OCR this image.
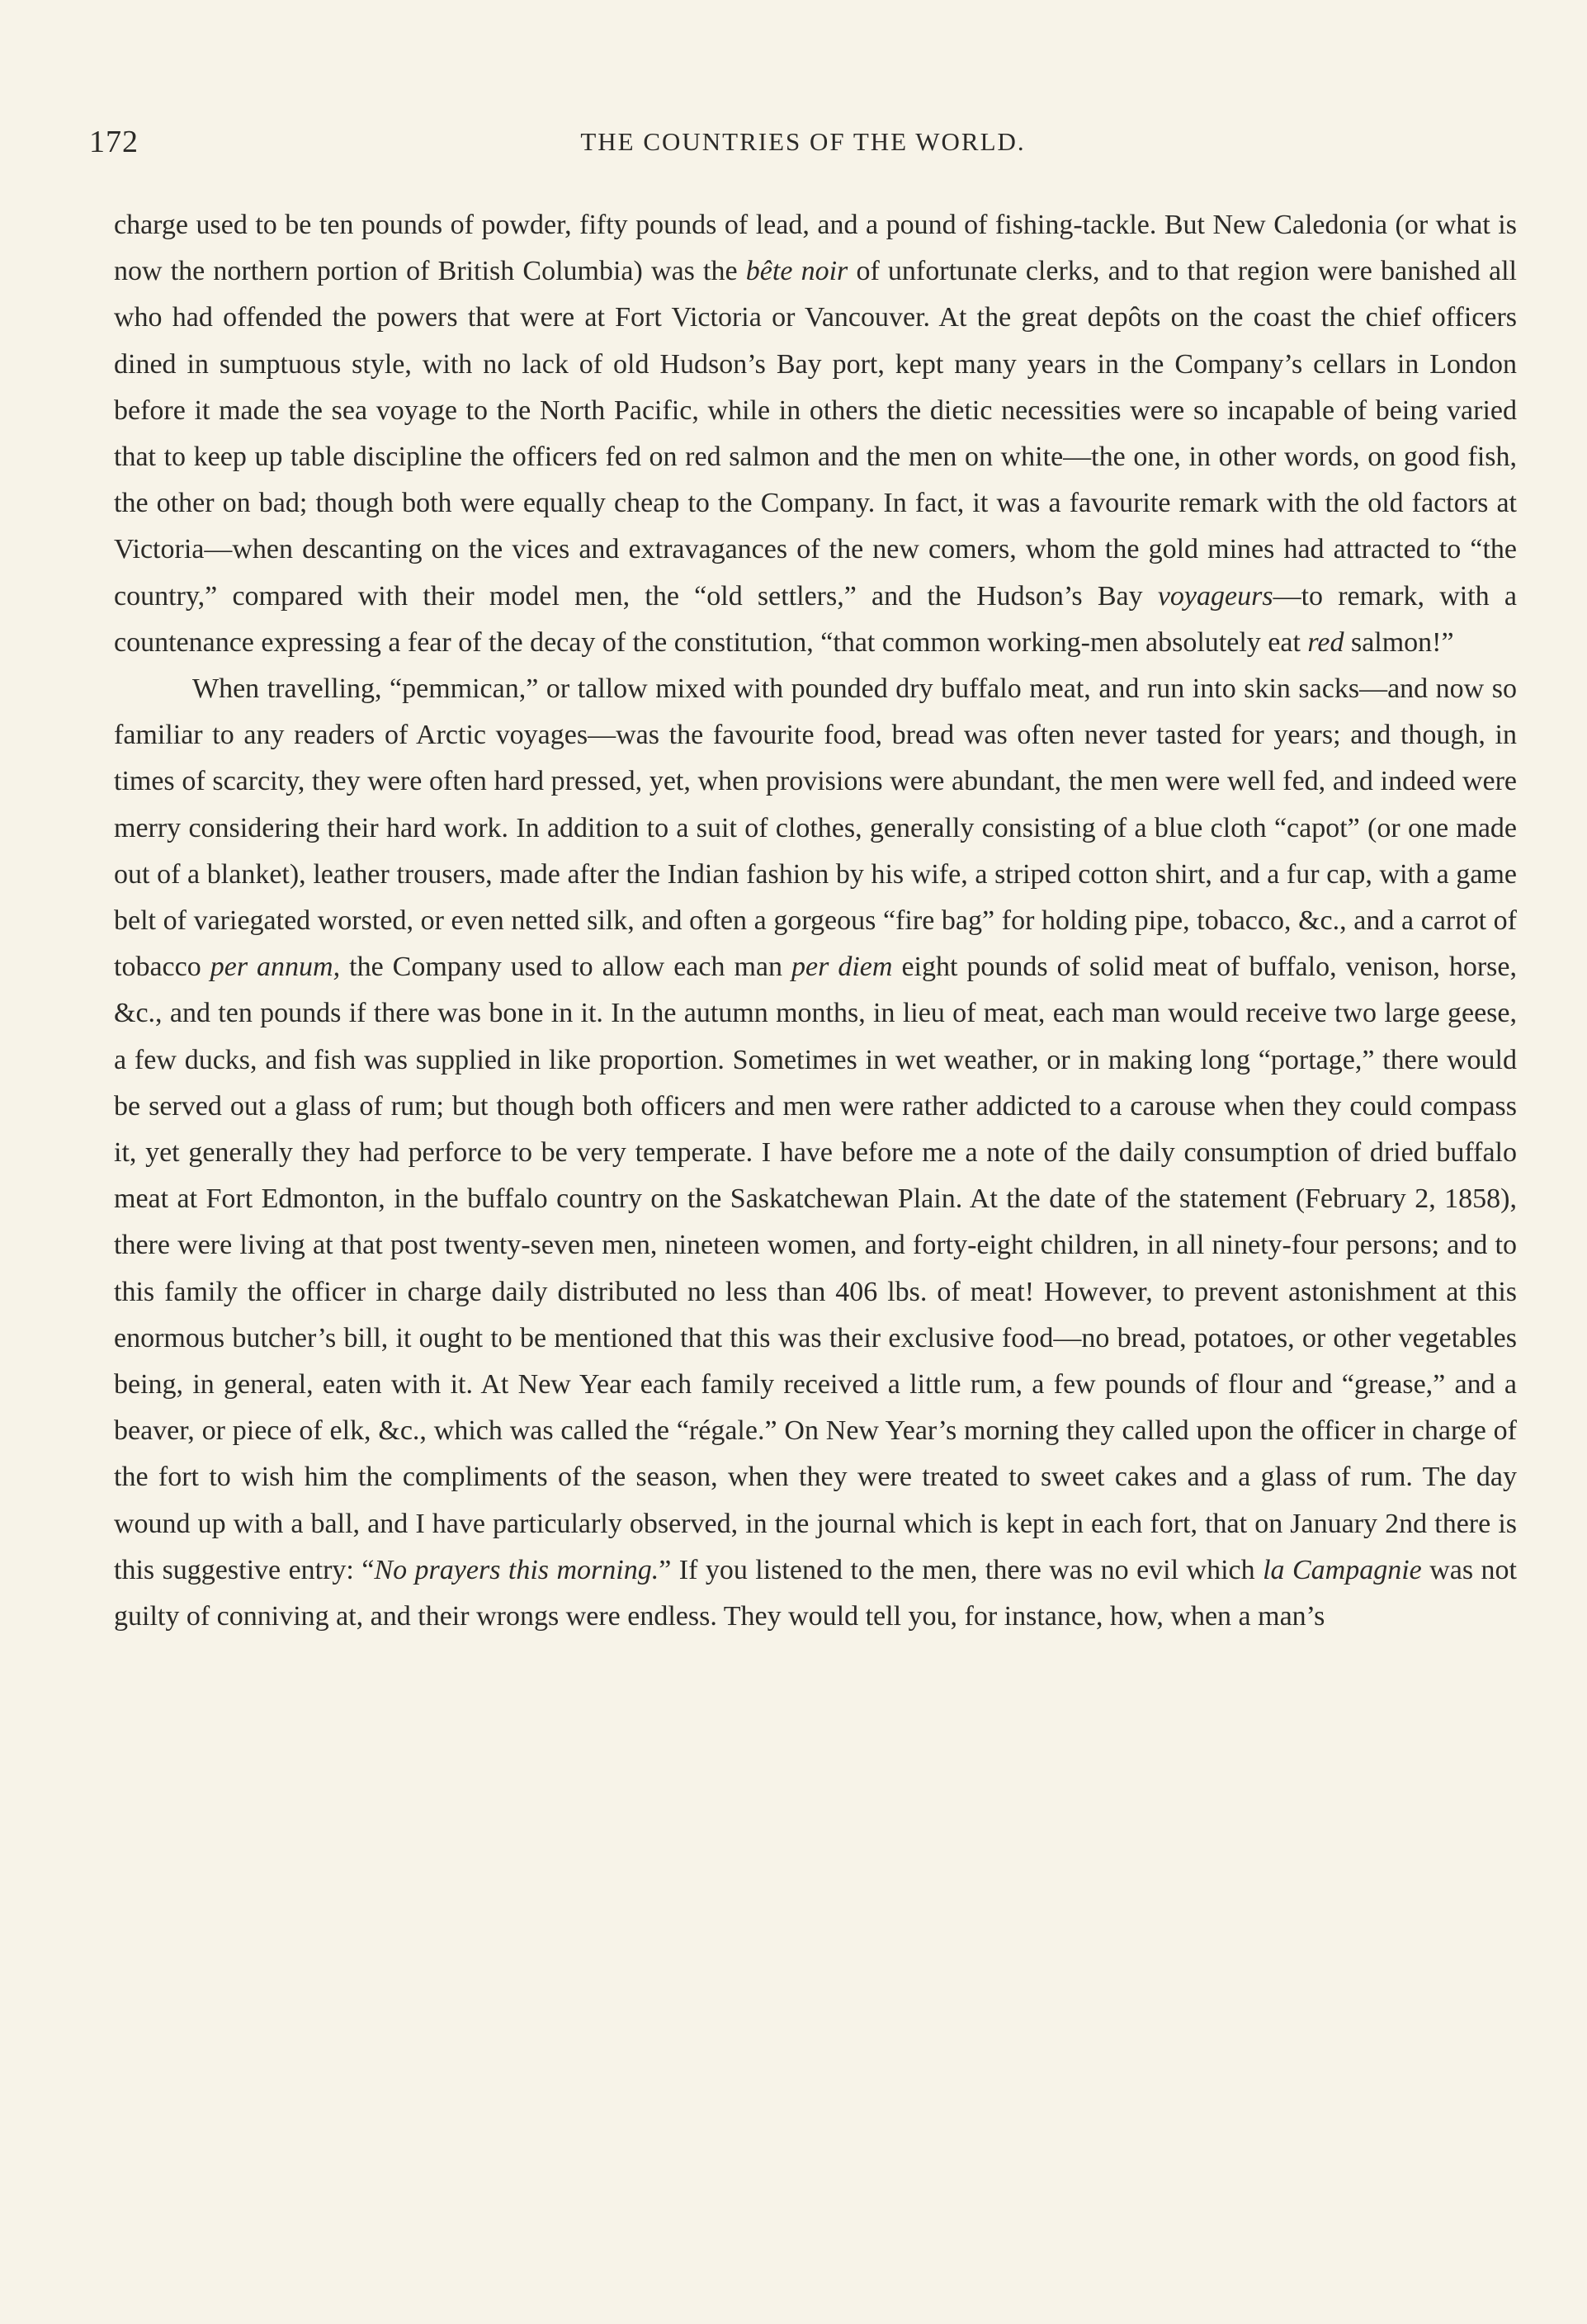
172	THE COUNTRIES OF THE WORLD.

charge used to be ten pounds of powder, fifty pounds of lead, and a pound of fishing-tackle. But New Caledonia (or what is now the northern portion of British Columbia) was the bête noir of unfortunate clerks, and to that region were banished all who had offended the powers that were at Fort Victoria or Vancouver. At the great depôts on the coast the chief officers dined in sumptuous style, with no lack of old Hudson’s Bay port, kept many years in the Company’s cellars in London before it made the sea voyage to the North Pacific, while in others the dietic necessities were so incapable of being varied that to keep up table discipline the officers fed on red salmon and the men on white—the one, in other words, on good fish, the other on bad; though both were equally cheap to the Company. In fact, it was a favourite remark with the old factors at Victoria—when descanting on the vices and extravagances of the new comers, whom the gold mines had attracted to “the country,” compared with their model men, the “old settlers,” and the Hudson’s Bay voyageurs—to remark, with a countenance expressing a fear of the decay of the constitution, “that common working-men absolutely eat red salmon!”

When travelling, “pemmican,” or tallow mixed with pounded dry buffalo meat, and run into skin sacks—and now so familiar to any readers of Arctic voyages—was the favourite food, bread was often never tasted for years; and though, in times of scarcity, they were often hard pressed, yet, when provisions were abundant, the men were well fed, and indeed were merry considering their hard work. In addition to a suit of clothes, generally consisting of a blue cloth “capot” (or one made out of a blanket), leather trousers, made after the Indian fashion by his wife, a striped cotton shirt, and a fur cap, with a game belt of variegated worsted, or even netted silk, and often a gorgeous “fire bag” for holding pipe, tobacco, &c., and a carrot of tobacco per annum, the Company used to allow each man per diem eight pounds of solid meat of buffalo, venison, horse, &c., and ten pounds if there was bone in it. In the autumn months, in lieu of meat, each man would receive two large geese, a few ducks, and fish was supplied in like proportion. Sometimes in wet weather, or in making long “portage,” there would be served out a glass of rum; but though both officers and men were rather addicted to a carouse when they could compass it, yet generally they had perforce to be very temperate. I have before me a note of the daily consumption of dried buffalo meat at Fort Edmonton, in the buffalo country on the Saskatchewan Plain. At the date of the statement (February 2, 1858), there were living at that post twenty-seven men, nineteen women, and forty-eight children, in all ninety-four persons; and to this family the officer in charge daily distributed no less than 406 lbs. of meat! However, to prevent astonishment at this enormous butcher’s bill, it ought to be mentioned that this was their exclusive food—no bread, potatoes, or other vegetables being, in general, eaten with it. At New Year each family received a little rum, a few pounds of flour and “grease,” and a beaver, or piece of elk, &c., which was called the “régale.” On New Year’s morning they called upon the officer in charge of the fort to wish him the compliments of the season, when they were treated to sweet cakes and a glass of rum. The day wound up with a ball, and I have particularly observed, in the journal which is kept in each fort, that on January 2nd there is this suggestive entry: “No prayers this morning.” If you listened to the men, there was no evil which la Campagnie was not guilty of conniving at, and their wrongs were endless. They would tell you, for instance, how, when a man’s
